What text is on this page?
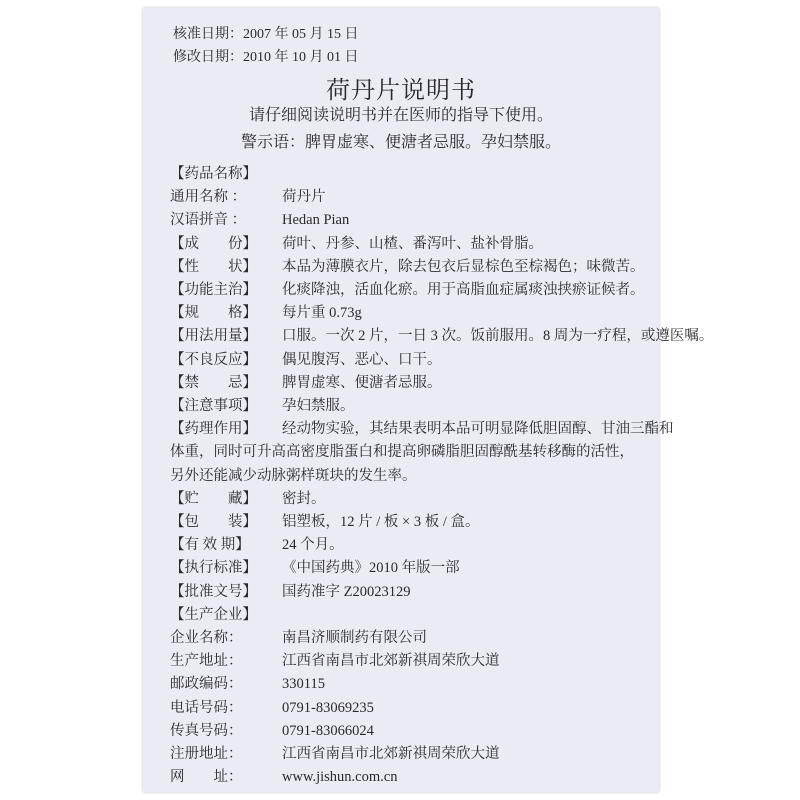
核准日期：2007 年 05 月 15 日
修改日期：2010 年 10 月 01 日
荷丹片说明书
请仔细阅读说明书并在医师的指导下使用。
警示语：脾胃虚寒、便溏者忌服。孕妇禁服。
【药品名称】
通用名称 ： 荷丹片
汉语拼音 ： Hedan Pian
【成　　份】 荷叶、丹参、山楂、番泻叶、盐补骨脂。
【性　　状】 本品为薄膜衣片，除去包衣后显棕色至棕褐色；味微苦。
【功能主治】 化痰降浊，活血化瘀。用于高脂血症属痰浊挟瘀证候者。
【规　　格】 每片重 0.73g
【用法用量】 口服。一次 2 片，一日 3 次。饭前服用。8 周为一疗程，或遵医嘱。
【不良反应】 偶见腹泻、恶心、口干。
【禁　　忌】 脾胃虚寒、便溏者忌服。
【注意事项】 孕妇禁服。
【药理作用】 经动物实验，其结果表明本品可明显降低胆固醇、甘油三酯和
体重，同时可升高高密度脂蛋白和提高卵磷脂胆固醇酰基转移酶的活性，
另外还能减少动脉粥样斑块的发生率。
【贮　　藏】 密封。
【包　　装】 铝塑板，12 片 / 板 × 3 板 / 盒。
【有 效 期】 24 个月。
【执行标准】 《中国药典》2010 年版一部
【批准文号】 国药准字 Z20023129
【生产企业】
企业名称：	南昌济顺制药有限公司
生产地址：	江西省南昌市北郊新祺周荣欣大道
邮政编码：	330115
电话号码：	0791-83069235
传真号码：	0791-83066024
注册地址：	江西省南昌市北郊新祺周荣欣大道
网　　址：	www.jishun.com.cn
